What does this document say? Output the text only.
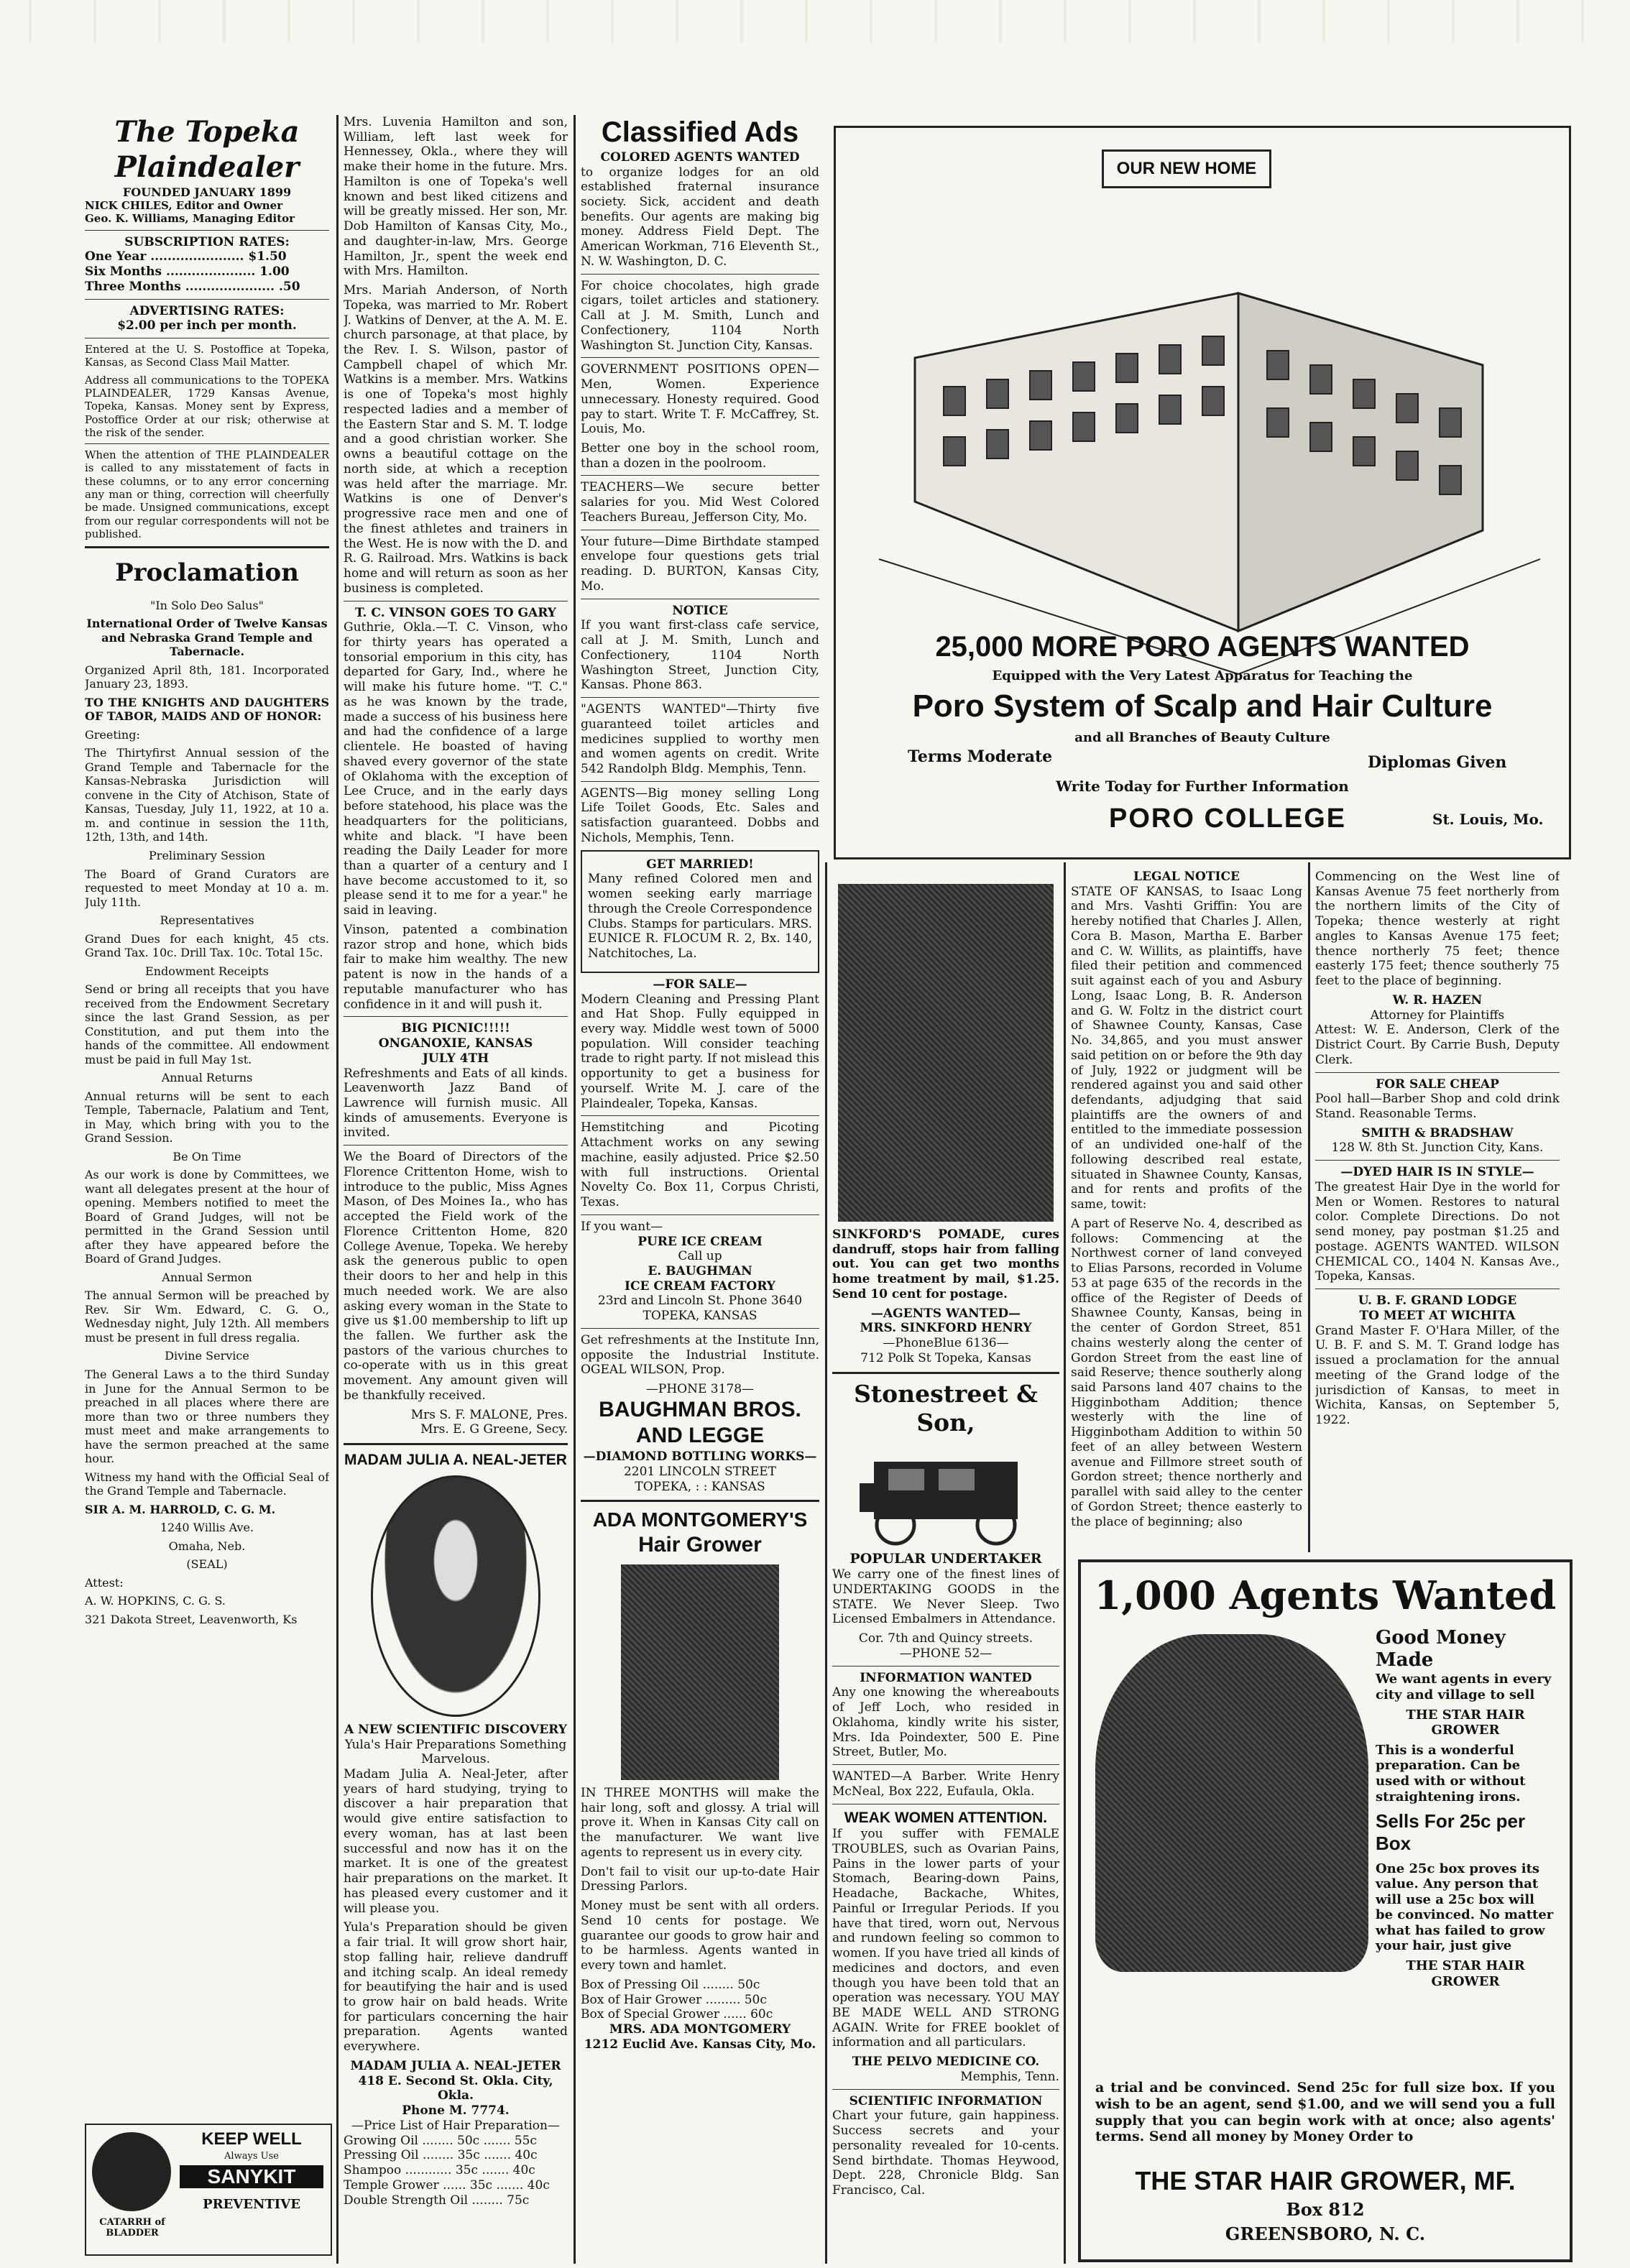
The Topeka Plaindealer
FOUNDED JANUARY 1899
NICK CHILES, Editor and Owner
Geo. K. Williams, Managing Editor
SUBSCRIPTION RATES:
One Year ...................... $1.50
Six Months ..................... 1.00
Three Months ..................... .50
ADVERTISING RATES:
$2.00 per inch per month.

Entered at the U. S. Postoffice at Topeka, Kansas, as Second Class Mail Matter.

Address all communications to the TOPEKA PLAINDEALER, 1729 Kansas Avenue, Topeka, Kansas. Money sent by Express, Postoffice Order at our risk; otherwise at the risk of the sender.

When the attention of THE PLAINDEALER is called to any misstatement of facts in these columns, or to any error concerning any man or thing, correction will cheerfully be made. Unsigned communications, except from our regular correspondents will not be published.

Proclamation

"In Solo Deo Salus"

International Order of Twelve Kansas and Nebraska Grand Temple and Tabernacle.

Organized April 8th, 181. Incorporated January 23, 1893.

TO THE KNIGHTS AND DAUGHTERS OF TABOR, MAIDS AND OF HONOR:

Greeting:

The Thirtyfirst Annual session of the Grand Temple and Tabernacle for the Kansas-Nebraska Jurisdiction will convene in the City of Atchison, State of Kansas, Tuesday, July 11, 1922, at 10 a. m. and continue in session the 11th, 12th, 13th, and 14th.

Preliminary Session

The Board of Grand Curators are requested to meet Monday at 10 a. m. July 11th.

Representatives

Grand Dues for each knight, 45 cts. Grand Tax. 10c. Drill Tax. 10c. Total 15c.

Endowment Receipts

Send or bring all receipts that you have received from the Endowment Secretary since the last Grand Session, as per Constitution, and put them into the hands of the committee. All endowment must be paid in full May 1st.

Annual Returns

Annual returns will be sent to each Temple, Tabernacle, Palatium and Tent, in May, which bring with you to the Grand Session.

Be On Time

As our work is done by Committees, we want all delegates present at the hour of opening. Members notified to meet the Board of Grand Judges, will not be permitted in the Grand Session until after they have appeared before the Board of Grand Judges.

Annual Sermon

The annual Sermon will be preached by Rev. Sir Wm. Edward, C. G. O., Wednesday night, July 12th. All members must be present in full dress regalia.

Divine Service

The General Laws a to the third Sunday in June for the Annual Sermon to be preached in all places where there are more than two or three numbers they must meet and make arrangements to have the sermon preached at the same hour.

Witness my hand with the Official Seal of the Grand Temple and Tabernacle.

SIR A. M. HARROLD, C. G. M.

1240 Willis Ave.

Omaha, Neb.

(SEAL)

Attest:

A. W. HOPKINS, C. G. S.

321 Dakota Street, Leavenworth, Ks

CATARRH of BLADDER
KEEP WELL
Always Use
SANYKIT
PREVENTIVE

Mrs. Luvenia Hamilton and son, William, left last week for Hennessey, Okla., where they will make their home in the future. Mrs. Hamilton is one of Topeka's well known and best liked citizens and will be greatly missed. Her son, Mr. Dob Hamilton of Kansas City, Mo., and daughter-in-law, Mrs. George Hamilton, Jr., spent the week end with Mrs. Hamilton.

Mrs. Mariah Anderson, of North Topeka, was married to Mr. Robert J. Watkins of Denver, at the A. M. E. church parsonage, at that place, by the Rev. I. S. Wilson, pastor of Campbell chapel of which Mr. Watkins is a member. Mrs. Watkins is one of Topeka's most highly respected ladies and a member of the Eastern Star and S. M. T. lodge and a good christian worker. She owns a beautiful cottage on the north side, at which a reception was held after the marriage. Mr. Watkins is one of Denver's progressive race men and one of the finest athletes and trainers in the West. He is now with the D. and R. G. Railroad. Mrs. Watkins is back home and will return as soon as her business is completed.

T. C. VINSON GOES TO GARY

Guthrie, Okla.—T. C. Vinson, who for thirty years has operated a tonsorial emporium in this city, has departed for Gary, Ind., where he will make his future home. "T. C." as he was known by the trade, made a success of his business here and had the confidence of a large clientele. He boasted of having shaved every governor of the state of Oklahoma with the exception of Lee Cruce, and in the early days before statehood, his place was the headquarters for the politicians, white and black. "I have been reading the Daily Leader for more than a quarter of a century and I have become accustomed to it, so please send it to me for a year." he said in leaving.

Vinson, patented a combination razor strop and hone, which bids fair to make him wealthy. The new patent is now in the hands of a reputable manufacturer who has confidence in it and will push it.

BIG PICNIC!!!!!
ONGANOXIE, KANSAS
JULY 4TH

Refreshments and Eats of all kinds. Leavenworth Jazz Band of Lawrence will furnish music. All kinds of amusements. Everyone is invited.

We the Board of Directors of the Florence Crittenton Home, wish to introduce to the public, Miss Agnes Mason, of Des Moines Ia., who has accepted the Field work of the Florence Crittenton Home, 820 College Avenue, Topeka. We hereby ask the generous public to open their doors to her and help in this much needed work. We are also asking every woman in the State to give us $1.00 membership to lift up the fallen. We further ask the pastors of the various churches to co-operate with us in this great movement. Any amount given will be thankfully received.

Mrs S. F. MALONE, Pres.
Mrs. E. G Greene, Secy.
MADAM JULIA A. NEAL-JETER
A NEW SCIENTIFIC DISCOVERY
Yula's Hair Preparations Something Marvelous.

Madam Julia A. Neal-Jeter, after years of hard studying, trying to discover a hair preparation that would give entire satisfaction to every woman, has at last been successful and now has it on the market. It is one of the greatest hair preparations on the market. It has pleased every customer and it will please you.

Yula's Preparation should be given a fair trial. It will grow short hair, stop falling hair, relieve dandruff and itching scalp. An ideal remedy for beautifying the hair and is used to grow hair on bald heads. Write for particulars concerning the hair preparation. Agents wanted everywhere.

MADAM JULIA A. NEAL-JETER
418 E. Second St. Okla. City, Okla.
Phone M. 7774.
—Price List of Hair Preparation—
Growing Oil ........ 50c ....... 55c
Pressing Oil ........ 35c ....... 40c
Shampoo ............ 35c ....... 40c
Temple Grower ...... 35c ....... 40c
Double Strength Oil ........ 75c
Classified Ads
COLORED AGENTS WANTED

to organize lodges for an old established fraternal insurance society. Sick, accident and death benefits. Our agents are making big money. Address Field Dept. The American Workman, 716 Eleventh St., N. W. Washington, D. C.

For choice chocolates, high grade cigars, toilet articles and stationery. Call at J. M. Smith, Lunch and Confectionery, 1104 North Washington St. Junction City, Kansas.

GOVERNMENT POSITIONS OPEN—Men, Women. Experience unnecessary. Honesty required. Good pay to start. Write T. F. McCaffrey, St. Louis, Mo.

Better one boy in the school room, than a dozen in the poolroom.

TEACHERS—We secure better salaries for you. Mid West Colored Teachers Bureau, Jefferson City, Mo.

Your future—Dime Birthdate stamped envelope four questions gets trial reading. D. BURTON, Kansas City, Mo.

NOTICE

If you want first-class cafe service, call at J. M. Smith, Lunch and Confectionery, 1104 North Washington Street, Junction City, Kansas. Phone 863.

"AGENTS WANTED"—Thirty five guaranteed toilet articles and medicines supplied to worthy men and women agents on credit. Write 542 Randolph Bldg. Memphis, Tenn.

AGENTS—Big money selling Long Life Toilet Goods, Etc. Sales and satisfaction guaranteed. Dobbs and Nichols, Memphis, Tenn.

GET MARRIED!

Many refined Colored men and women seeking early marriage through the Creole Correspondence Clubs. Stamps for particulars. MRS. EUNICE R. FLOCUM R. 2, Bx. 140, Natchitoches, La.

—FOR SALE—

Modern Cleaning and Pressing Plant and Hat Shop. Fully equipped in every way. Middle west town of 5000 population. Will consider teaching trade to right party. If not mislead this opportunity to get a business for yourself. Write M. J. care of the Plaindealer, Topeka, Kansas.

Hemstitching and Picoting Attachment works on any sewing machine, easily adjusted. Price $2.50 with full instructions. Oriental Novelty Co. Box 11, Corpus Christi, Texas.

If you want—
PURE ICE CREAM
Call up
E. BAUGHMAN
ICE CREAM FACTORY
23rd and Lincoln St. Phone 3640
TOPEKA, KANSAS

Get refreshments at the Institute Inn, opposite the Industrial Institute. OGEAL WILSON, Prop.

—PHONE 3178—
BAUGHMAN BROS.
AND LEGGE
—DIAMOND BOTTLING WORKS—
2201 LINCOLN STREET
TOPEKA, : : KANSAS
ADA MONTGOMERY'S
Hair Grower

IN THREE MONTHS will make the hair long, soft and glossy. A trial will prove it. When in Kansas City call on the manufacturer. We want live agents to represent us in every city.

Don't fail to visit our up-to-date Hair Dressing Parlors.

Money must be sent with all orders. Send 10 cents for postage. We guarantee our goods to grow hair and to be harmless. Agents wanted in every town and hamlet.

Box of Pressing Oil ........ 50c
Box of Hair Grower ......... 50c
Box of Special Grower ...... 60c
MRS. ADA MONTGOMERY
1212 Euclid Ave. Kansas City, Mo.
OUR NEW HOME
25,000 MORE PORO AGENTS WANTED
Equipped with the Very Latest Apparatus for Teaching the
Poro System of Scalp and Hair Culture
and all Branches of Beauty Culture
Terms Moderate	Diplomas Given
Write Today for Further Information
PORO COLLEGE	St. Louis, Mo.

SINKFORD'S POMADE, cures dandruff, stops hair from falling out. You can get two months home treatment by mail, $1.25. Send 10 cent for postage.

—AGENTS WANTED—
MRS. SINKFORD HENRY
—PhoneBlue 6136—
712 Polk St Topeka, Kansas
Stonestreet & Son,
POPULAR UNDERTAKER

We carry one of the finest lines of UNDERTAKING GOODS in the STATE. We Never Sleep. Two Licensed Embalmers in Attendance.

Cor. 7th and Quincy streets.
—PHONE 52—
INFORMATION WANTED

Any one knowing the whereabouts of Jeff Loch, who resided in Oklahoma, kindly write his sister, Mrs. Ida Poindexter, 500 E. Pine Street, Butler, Mo.

WANTED—A Barber. Write Henry McNeal, Box 222, Eufaula, Okla.

WEAK WOMEN ATTENTION.

If you suffer with FEMALE TROUBLES, such as Ovarian Pains, Pains in the lower parts of your Stomach, Bearing-down Pains, Headache, Backache, Whites, Painful or Irregular Periods. If you have that tired, worn out, Nervous and rundown feeling so common to women. If you have tried all kinds of medicines and doctors, and even though you have been told that an operation was necessary. YOU MAY BE MADE WELL AND STRONG AGAIN. Write for FREE booklet of information and all particulars.

THE PELVO MEDICINE CO.
Memphis, Tenn.
SCIENTIFIC INFORMATION

Chart your future, gain happiness. Success secrets and your personality revealed for 10-cents. Send birthdate. Thomas Heywood, Dept. 228, Chronicle Bldg. San Francisco, Cal.

LEGAL NOTICE

STATE OF KANSAS, to Isaac Long and Mrs. Vashti Griffin: You are hereby notified that Charles J. Allen, Cora B. Mason, Martha E. Barber and C. W. Willits, as plaintiffs, have filed their petition and commenced suit against each of you and Asbury Long, Isaac Long, B. R. Anderson and G. W. Foltz in the district court of Shawnee County, Kansas, Case No. 34,865, and you must answer said petition on or before the 9th day of July, 1922 or judgment will be rendered against you and said other defendants, adjudging that said plaintiffs are the owners of and entitled to the immediate possession of an undivided one-half of the following described real estate, situated in Shawnee County, Kansas, and for rents and profits of the same, towit:

A part of Reserve No. 4, described as follows: Commencing at the Northwest corner of land conveyed to Elias Parsons, recorded in Volume 53 at page 635 of the records in the office of the Register of Deeds of Shawnee County, Kansas, being in the center of Gordon Street, 851 chains westerly along the center of Gordon Street from the east line of said Reserve; thence southerly along said Parsons land 407 chains to the Higginbotham Addition; thence westerly with the line of Higginbotham Addition to within 50 feet of an alley between Western avenue and Fillmore street south of Gordon street; thence northerly and parallel with said alley to the center of Gordon Street; thence easterly to the place of beginning; also

Commencing on the West line of Kansas Avenue 75 feet northerly from the northern limits of the City of Topeka; thence westerly at right angles to Kansas Avenue 175 feet; thence northerly 75 feet; thence easterly 175 feet; thence southerly 75 feet to the place of beginning.

W. R. HAZEN
Attorney for Plaintiffs

Attest: W. E. Anderson, Clerk of the District Court. By Carrie Bush, Deputy Clerk.

FOR SALE CHEAP

Pool hall—Barber Shop and cold drink Stand. Reasonable Terms.

SMITH & BRADSHAW
128 W. 8th St. Junction City, Kans.
—DYED HAIR IS IN STYLE—

The greatest Hair Dye in the world for Men or Women. Restores to natural color. Complete Directions. Do not send money, pay postman $1.25 and postage. AGENTS WANTED. WILSON CHEMICAL CO., 1404 N. Kansas Ave., Topeka, Kansas.

U. B. F. GRAND LODGE
TO MEET AT WICHITA

Grand Master F. O'Hara Miller, of the U. B. F. and S. M. T. Grand lodge has issued a proclamation for the annual meeting of the Grand lodge of the jurisdiction of Kansas, to meet in Wichita, Kansas, on September 5, 1922.

1,000 Agents Wanted
Good Money Made
We want agents in every city and village to sell
THE STAR HAIR GROWER
This is a wonderful preparation. Can be used with or without straightening irons.
Sells For 25c per Box
One 25c box proves its value. Any person that will use a 25c box will be convinced. No matter what has failed to grow your hair, just give
THE STAR HAIR GROWER
a trial and be convinced. Send 25c for full size box. If you wish to be an agent, send $1.00, and we will send you a full supply that you can begin work with at once; also agents' terms. Send all money by Money Order to
THE STAR HAIR GROWER, MF.
Box 812
GREENSBORO, N. C.
